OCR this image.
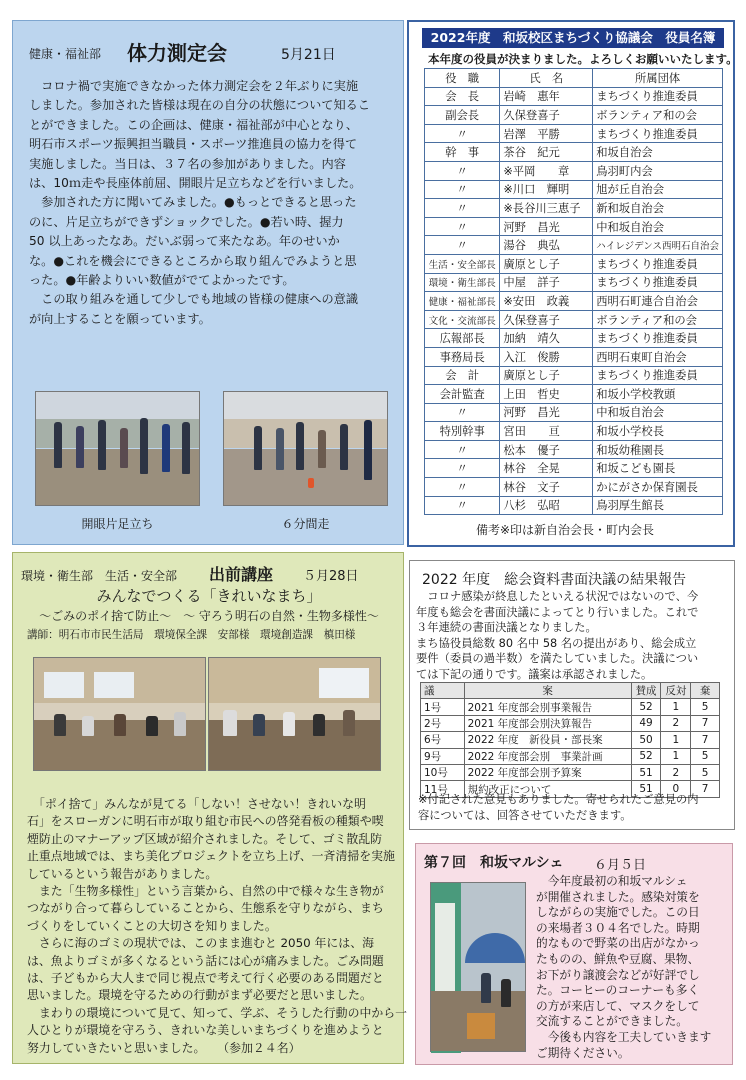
健康・福祉部 体力測定会	5月21日
　コロナ禍で実施できなかった体力測定会を２年ぶりに実施
しました。参加された皆様は現在の自分の状態について知るこ
とができました。この企画は、健康・福祉部が中心となり、
明石市スポーツ振興担当職員・スポーツ推進員の協力を得て
実施しました。当日は、３７名の参加がありました。内容
は、10ｍ走や長座体前屈、開眼片足立ちなどを行いました。
　参加された方に聞いてみました。●もっとできると思った
のに、片足立ちができずショックでした。●若い時、握力
50 以上あったなあ。だいぶ弱って来たなあ。年のせいか
な。●これを機会にできるところから取り組んでみようと思
った。●年齢よりいい数値がでてよかったです。
　この取り組みを通して少しでも地域の皆様の健康への意識
が向上することを願っています。
開眼片足立ち	６分間走
2022年度　和坂校区まちづくり協議会　役員名簿
本年度の役員が決まりました。よろしくお願いいたします。
役　職	氏　名	所属団体
会　長	岩崎　惠年	まちづくり推進委員
副会長	久保登喜子	ボランティア和の会
〃	岩澤　平勝	まちづくり推進委員
幹　事	茶谷　紀元	和坂自治会
〃	※平岡　　章	鳥羽町内会
〃	※川口　輝明	旭が丘自治会
〃	※長谷川三恵子	新和坂自治会
〃	河野　昌光	中和坂自治会
〃	湯谷　典弘	ハイレジデンス西明石自治会
生活・安全部長	廣原とし子	まちづくり推進委員
環境・衛生部長	中屋　詳子	まちづくり推進委員
健康・福祉部長	※安田　政義	西明石町連合自治会
文化・交流部長	久保登喜子	ボランティア和の会
広報部長	加納　靖久	まちづくり推進委員
事務局長	入江　俊勝	西明石東町自治会
会　計	廣原とし子	まちづくり推進委員
会計監査	上田　哲史	和坂小学校教頭
〃	河野　昌光	中和坂自治会
特別幹事	宮田　　亘	和坂小学校長
〃	松本　優子	和坂幼稚園長
〃	林谷　全晃	和坂こども園長
〃	林谷　文子	かにがさか保育園長
〃	八杉　弘昭	鳥羽厚生館長
備考※印は新自治会長・町内会長
環境・衛生部　生活・安全部 出前講座 ５月28日
みんなでつくる「きれいなまち」
～ごみのポイ捨て防止～　～ 守ろう明石の自然・生物多様性～
講師：明石市市民生活局　環境保全課　安部様　環境創造課　槙田様
　「ポイ捨て」みんなが見てる「しない！させない！きれいな明
石」をスローガンに明石市が取り組む市民への啓発看板の種類や喫
煙防止のマナーアップ区域が紹介されました。そして、ゴミ散乱防
止重点地域では、まち美化プロジェクトを立ち上げ、一斉清掃を実施
しているという報告がありました。
　また「生物多様性」という言葉から、自然の中で様々な生き物が
つながり合って暮らしていることから、生態系を守りながら、まち
づくりをしていくことの大切さを知りました。
　さらに海のゴミの現状では、このまま進むと 2050 年には、海
は、魚よりゴミが多くなるという話には心が痛みました。ごみ問題
は、子どもから大人まで同じ視点で考えて行く必要のある問題だと
思いました。環境を守るための行動がまず必要だと思いました。
　まわりの環境について見て、知って、学ぶ、そうした行動の中から一
人ひとりが環境を守ろう、きれいな美しいまちづくりを進めようと
努力していきたいと思いました。　　（参加２４名）
2022 年度　総会資料書面決議の結果報告
　コロナ感染が終息したといえる状況ではないので、今
年度も総会を書面決議によってとり行いました。これで
３年連続の書面決議となりました。
まち協役員総数 80 名中 58 名の提出があり、総会成立
要件（委員の過半数）を満たしていました。決議につい
ては下記の通りです。議案は承認されました。
議	案	賛成	反対	棄
1号	2021 年度部会別事業報告	52	1	5
2号	2021 年度部会別決算報告	49	2	7
6号	2022 年度　新役員・部長案	50	1	7
9号	2022 年度部会別　事業計画	52	1	5
10号	2022 年度部会別予算案	51	2	5
11号	規約改正について	51	0	7
※付記された意見もありました。寄せられたご意見の内
容については、回答させていただきます。
第７回　和坂マルシェ ６月５日
　今年度最初の和坂マルシェ
が開催されました。感染対策を
しながらの実施でした。この日
の来場者３０４名でした。時期
的なもので野菜の出店がなかっ
たものの、鮮魚や豆腐、果物、
お下がり譲渡会などが好評でし
た。コーヒーのコーナーも多く
の方が来店して、マスクをして
交流することができました。
　今後も内容を工夫していきます
ご期待ください。
